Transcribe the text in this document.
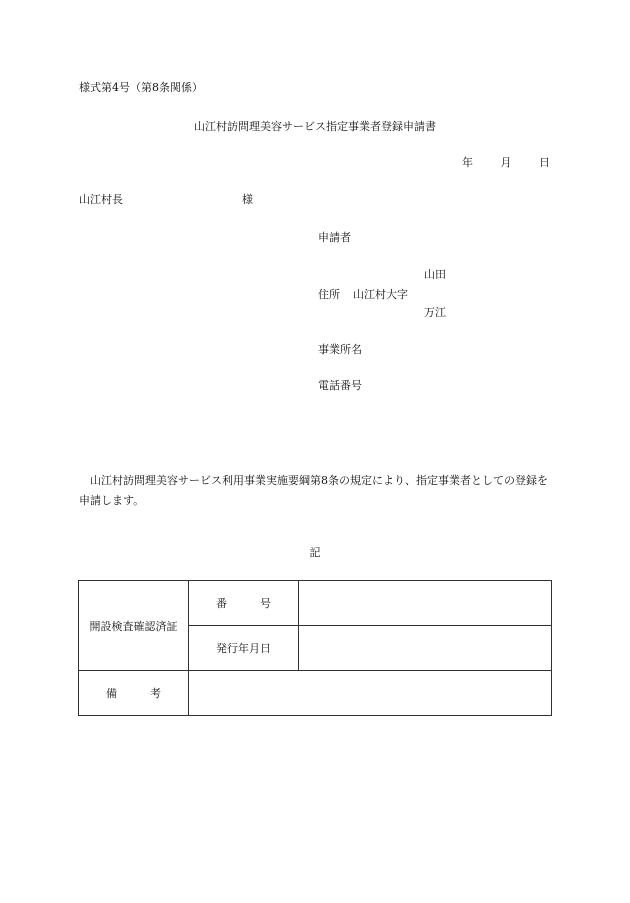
様式第4号（第8条関係）
山江村訪問理美容サービス指定事業者登録申請書
年	月	日
山江村長	様
申請者
山田
住所 山江村大字
万江
事業所名
電話番号
山江村訪問理美容サービス利用事業実施要綱第8条の規定により、指定事業者としての登録を申請します。
記
開設検査確認済証	番　　　号	
	発行年月日	
備　　　考		
